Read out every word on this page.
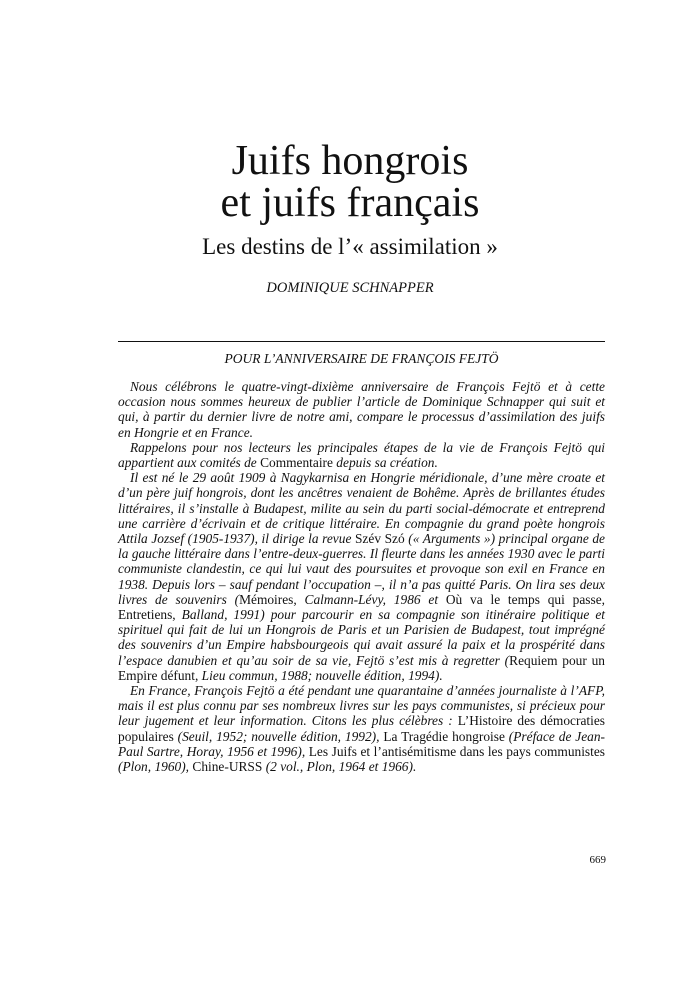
Juifs hongrois
et juifs français
Les destins de l’« assimilation »

DOMINIQUE SCHNAPPER

POUR L’ANNIVERSAIRE DE FRANÇOIS FEJTÖ

Nous célébrons le quatre-vingt-dixième anniversaire de François Fejtö et à cette occasion nous sommes heureux de publier l’article de Dominique Schnapper qui suit et qui, à partir du dernier livre de notre ami, compare le processus d’assimilation des juifs en Hongrie et en France.

Rappelons pour nos lecteurs les principales étapes de la vie de François Fejtö qui appartient aux comités de Commentaire depuis sa création.

Il est né le 29 août 1909 à Nagykarnisa en Hongrie méridionale, d’une mère croate et d’un père juif hongrois, dont les ancêtres venaient de Bohême. Après de brillantes études littéraires, il s’installe à Budapest, milite au sein du parti social-démocrate et entreprend une carrière d’écrivain et de critique littéraire. En compagnie du grand poète hongrois Attila Jozsef (1905-1937), il dirige la revue Szév Szó (« Arguments ») principal organe de la gauche littéraire dans l’entre-deux-guerres. Il fleurte dans les années 1930 avec le parti communiste clandestin, ce qui lui vaut des poursuites et provoque son exil en France en 1938. Depuis lors – sauf pendant l’occupation –, il n’a pas quitté Paris. On lira ses deux livres de souvenirs (Mémoires, Calmann-Lévy, 1986 et Où va le temps qui passe, Entretiens, Balland, 1991) pour parcourir en sa compagnie son itinéraire politique et spirituel qui fait de lui un Hongrois de Paris et un Parisien de Budapest, tout imprégné des souvenirs d’un Empire habsbourgeois qui avait assuré la paix et la prospérité dans l’espace danubien et qu’au soir de sa vie, Fejtö s’est mis à regretter (Requiem pour un Empire défunt, Lieu commun, 1988; nouvelle édition, 1994).

En France, François Fejtö a été pendant une quarantaine d’années journaliste à l’AFP, mais il est plus connu par ses nombreux livres sur les pays communistes, si précieux pour leur jugement et leur information. Citons les plus célèbres : L’Histoire des démocraties populaires (Seuil, 1952; nouvelle édition, 1992), La Tragédie hongroise (Préface de Jean-Paul Sartre, Horay, 1956 et 1996), Les Juifs et l’antisémitisme dans les pays communistes (Plon, 1960), Chine-URSS (2 vol., Plon, 1964 et 1966).

669
